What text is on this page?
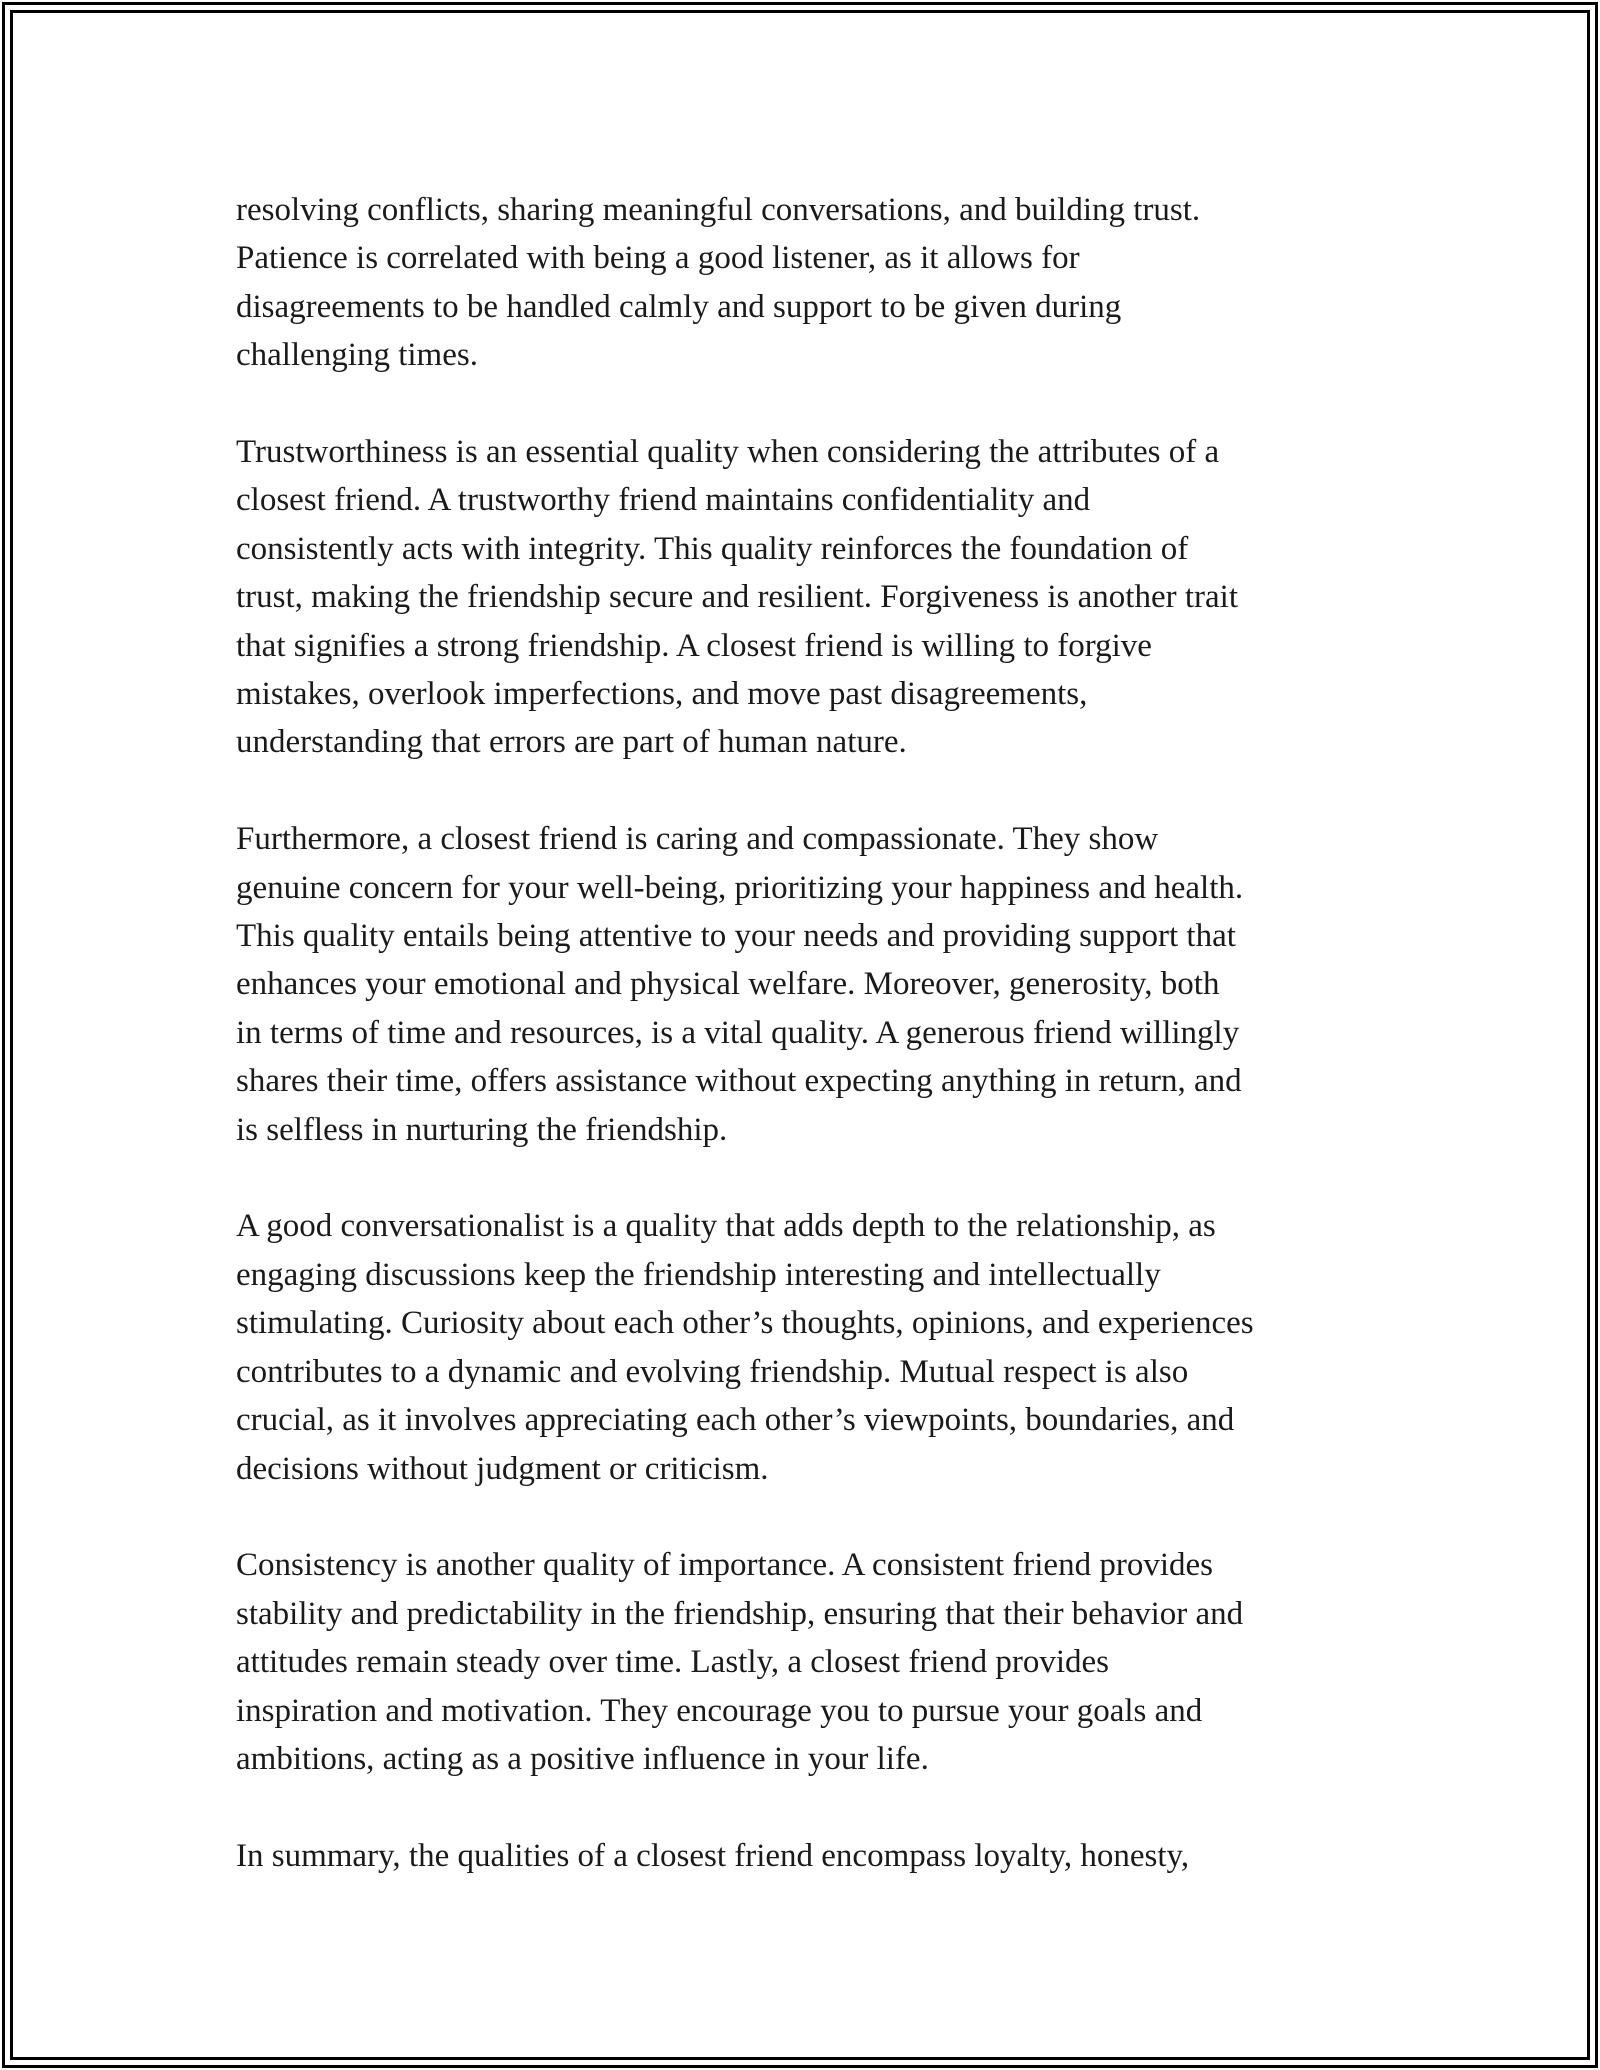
resolving conflicts, sharing meaningful conversations, and building trust.
Patience is correlated with being a good listener, as it allows for
disagreements to be handled calmly and support to be given during
challenging times.

Trustworthiness is an essential quality when considering the attributes of a
closest friend. A trustworthy friend maintains confidentiality and
consistently acts with integrity. This quality reinforces the foundation of
trust, making the friendship secure and resilient. Forgiveness is another trait
that signifies a strong friendship. A closest friend is willing to forgive
mistakes, overlook imperfections, and move past disagreements,
understanding that errors are part of human nature.

Furthermore, a closest friend is caring and compassionate. They show
genuine concern for your well-being, prioritizing your happiness and health.
This quality entails being attentive to your needs and providing support that
enhances your emotional and physical welfare. Moreover, generosity, both
in terms of time and resources, is a vital quality. A generous friend willingly
shares their time, offers assistance without expecting anything in return, and
is selfless in nurturing the friendship.

A good conversationalist is a quality that adds depth to the relationship, as
engaging discussions keep the friendship interesting and intellectually
stimulating. Curiosity about each other’s thoughts, opinions, and experiences
contributes to a dynamic and evolving friendship. Mutual respect is also
crucial, as it involves appreciating each other’s viewpoints, boundaries, and
decisions without judgment or criticism.

Consistency is another quality of importance. A consistent friend provides
stability and predictability in the friendship, ensuring that their behavior and
attitudes remain steady over time. Lastly, a closest friend provides
inspiration and motivation. They encourage you to pursue your goals and
ambitions, acting as a positive influence in your life.

In summary, the qualities of a closest friend encompass loyalty, honesty,
